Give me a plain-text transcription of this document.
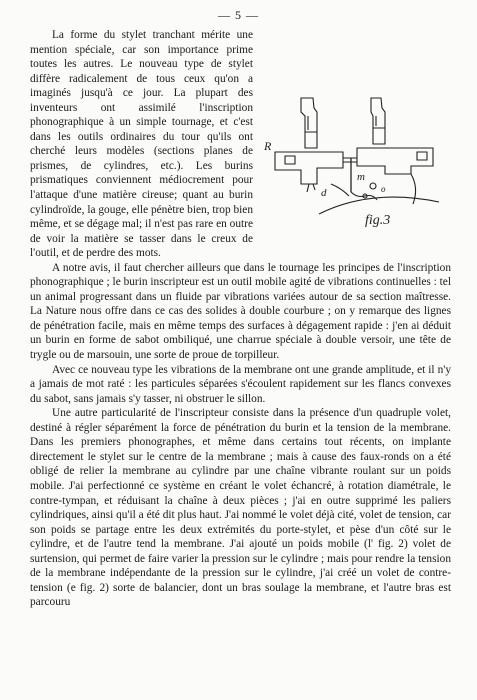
— 5 —
R
m
d	o
fig.3

La forme du stylet tranchant mérite une mention spéciale, car son importance prime toutes les autres. Le nouveau type de stylet diffère radicalement de tous ceux qu'on a imaginés jusqu'à ce jour. La plupart des inventeurs ont assimilé l'inscription phonographique à un simple tournage, et c'est dans les outils ordinaires du tour qu'ils ont cherché leurs modèles (sections planes de prismes, de cylindres, etc.). Les burins prismatiques conviennent médiocrement pour l'attaque d'une matière cireuse; quant au burin cylindroïde, la gouge, elle pénètre bien, trop bien même, et se dégage mal; il n'est pas rare en outre de voir la matière se tasser dans le creux de l'outil, et de perdre des mots.

A notre avis, il faut chercher ailleurs que dans le tournage les principes de l'inscription phonographique ; le burin inscripteur est un outil mobile agité de vibrations continuelles : tel un animal progressant dans un fluide par vibrations variées autour de sa section maîtresse. La Nature nous offre dans ce cas des solides à double courbure ; on y remarque des lignes de pénétration facile, mais en même temps des surfaces à dégagement rapide : j'en ai déduit un burin en forme de sabot ombiliqué, une charrue spéciale à double versoir, une tête de trygle ou de marsouin, une sorte de proue de torpilleur.

Avec ce nouveau type les vibrations de la membrane ont une grande amplitude, et il n'y a jamais de mot raté : les particules séparées s'écoulent rapidement sur les flancs convexes du sabot, sans jamais s'y tasser, ni obstruer le sillon.

Une autre particularité de l'inscripteur consiste dans la présence d'un quadruple volet, destiné à régler séparément la force de pénétration du burin et la tension de la membrane. Dans les premiers phonographes, et même dans certains tout récents, on implante directement le stylet sur le centre de la membrane ; mais à cause des faux-ronds on a été obligé de relier la membrane au cylindre par une chaîne vibrante roulant sur un poids mobile. J'ai perfectionné ce système en créant le volet échancré, à rotation diamétrale, le contre-tympan, et réduisant la chaîne à deux pièces ; j'ai en outre supprimé les paliers cylindriques, ainsi qu'il a été dit plus haut. J'ai nommé le volet déjà cité, volet de tension, car son poids se partage entre les deux extrémités du porte-stylet, et pèse d'un côté sur le cylindre, et de l'autre tend la membrane. J'ai ajouté un poids mobile (l' fig. 2) volet de surtension, qui permet de faire varier la pression sur le cylindre ; mais pour rendre la tension de la membrane indépendante de la pression sur le cylindre, j'ai créé un volet de contre-tension (e fig. 2) sorte de balancier, dont un bras soulage la membrane, et l'autre bras est parcouru
